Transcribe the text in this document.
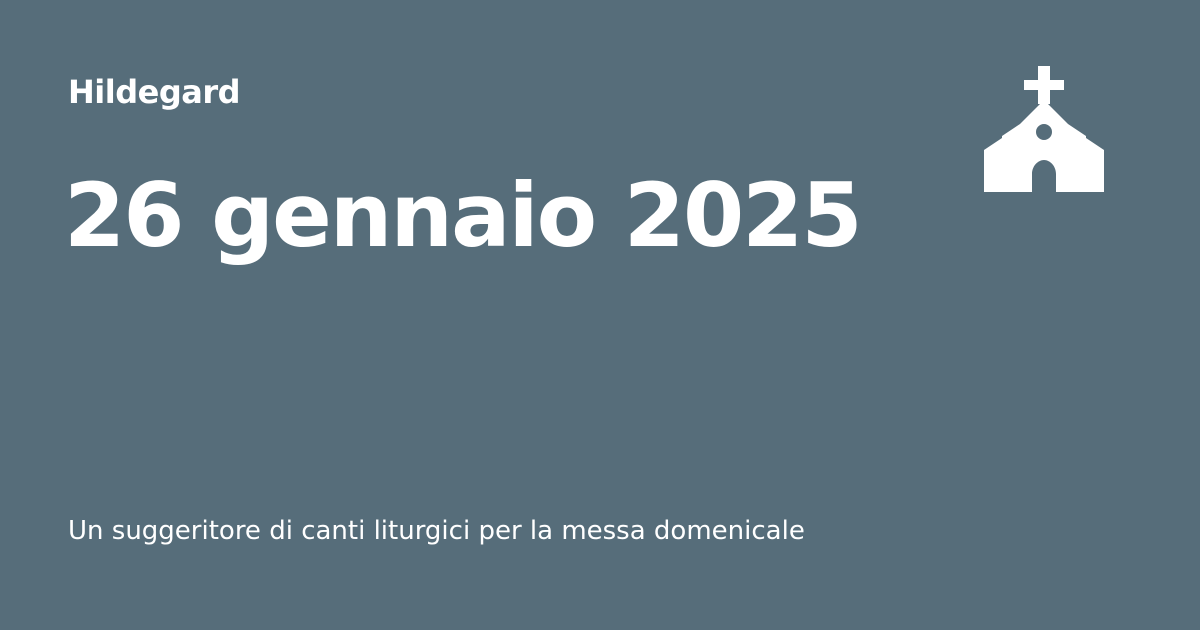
Hildegard
26 gennaio 2025
Un suggeritore di canti liturgici per la messa domenicale
